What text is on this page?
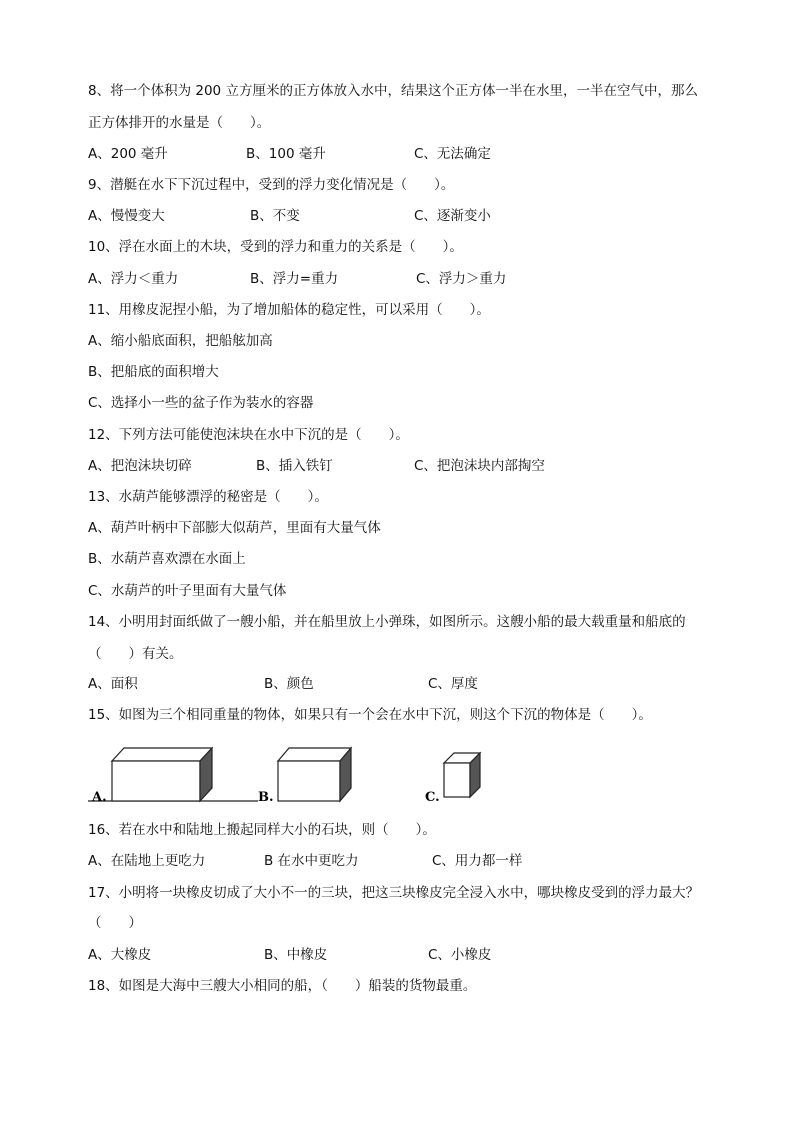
8、将一个体积为 200 立方厘米的正方体放入水中，结果这个正方体一半在水里，一半在空气中，那么
正方体排开的水量是（　　）。
A、200 毫升	B、100 毫升	C、无法确定
9、潜艇在水下下沉过程中，受到的浮力变化情况是（　　）。
A、慢慢变大	B、不变	C、逐渐变小
10、浮在水面上的木块，受到的浮力和重力的关系是（　　）。
A、浮力＜重力	B、浮力=重力	C、浮力＞重力
11、用橡皮泥捏小船，为了增加船体的稳定性，可以采用（　　）。
A、缩小船底面积，把船舷加高
B、把船底的面积增大
C、选择小一些的盆子作为装水的容器
12、下列方法可能使泡沫块在水中下沉的是（　　）。
A、把泡沫块切碎	B、插入铁钉	C、把泡沫块内部掏空
13、水葫芦能够漂浮的秘密是（　　）。
A、葫芦叶柄中下部膨大似葫芦，里面有大量气体
B、水葫芦喜欢漂在水面上
C、水葫芦的叶子里面有大量气体
14、小明用封面纸做了一艘小船，并在船里放上小弹珠，如图所示。这艘小船的最大载重量和船底的
（　　）有关。
A、面积	B、颜色	C、厚度
15、如图为三个相同重量的物体，如果只有一个会在水中下沉，则这个下沉的物体是（　　）。
A.	B.	C.
16、若在水中和陆地上搬起同样大小的石块，则（　　）。
A、在陆地上更吃力	B 在水中更吃力	C、用力都一样
17、小明将一块橡皮切成了大小不一的三块，把这三块橡皮完全浸入水中，哪块橡皮受到的浮力最大？
（　　）
A、大橡皮	B、中橡皮	C、小橡皮
18、如图是大海中三艘大小相同的船，（　　）船装的货物最重。
